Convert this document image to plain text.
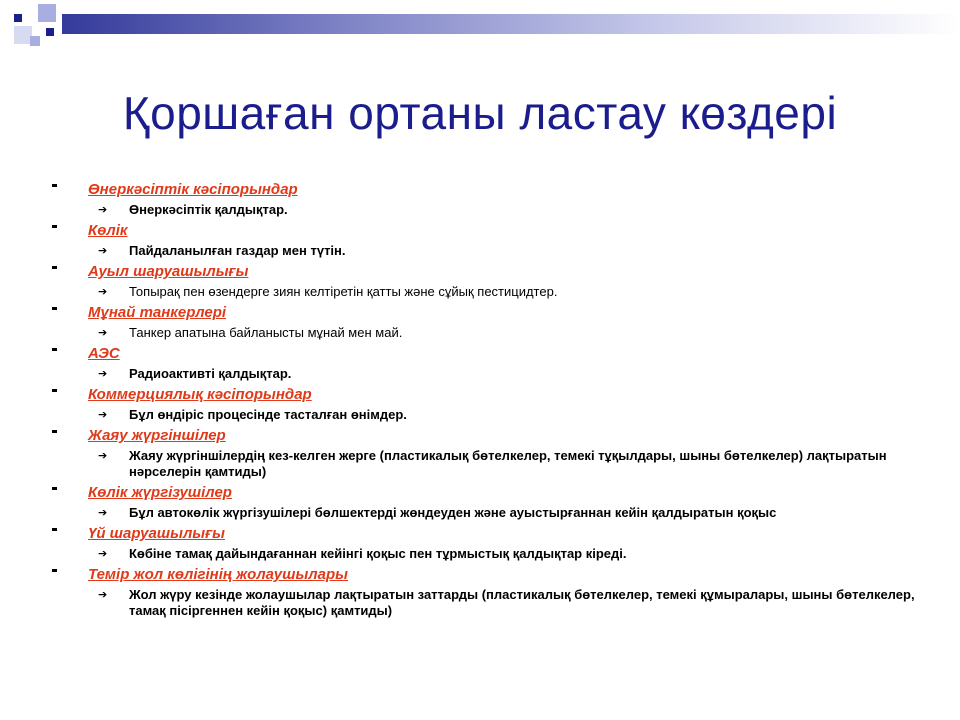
Қоршаған ортаны ластау көздері
Өнеркәсіптік кәсіпорындар
➔ Өнеркәсіптік қалдықтар.
Көлік
➔ Пайдаланылған газдар мен түтін.
Ауыл шаруашылығы
➔ Топырақ пен өзендерге зиян келтіретін қатты және сұйық пестицидтер.
Мұнай танкерлері
➔ Танкер апатына байланысты мұнай мен май.
АЭС
➔ Радиоактивті қалдықтар.
Коммерциялық кәсіпорындар
➔ Бұл өндіріс процесінде тасталған өнімдер.
Жаяу жүргіншілер
➔ Жаяу жүргіншілердің кез-келген жерге (пластикалық бөтелкелер, темекі тұқылдары, шыны бөтелкелер) лақтыратын нәрселерін қамтиды)
Көлік жүргізушілер
➔ Бұл автокөлік жүргізушілері бөлшектерді жөндеуден және ауыстырғаннан кейін қалдыратын қоқыс
Үй шаруашылығы
➔ Көбіне тамақ дайындағаннан кейінгі қоқыс пен тұрмыстық қалдықтар кіреді.
Темір жол көлігінің жолаушылары
➔ Жол жүру кезінде жолаушылар лақтыратын заттарды (пластикалық бөтелкелер, темекі құмыралары, шыны бөтелкелер, тамақ пісіргеннен кейін қоқыс) қамтиды)
